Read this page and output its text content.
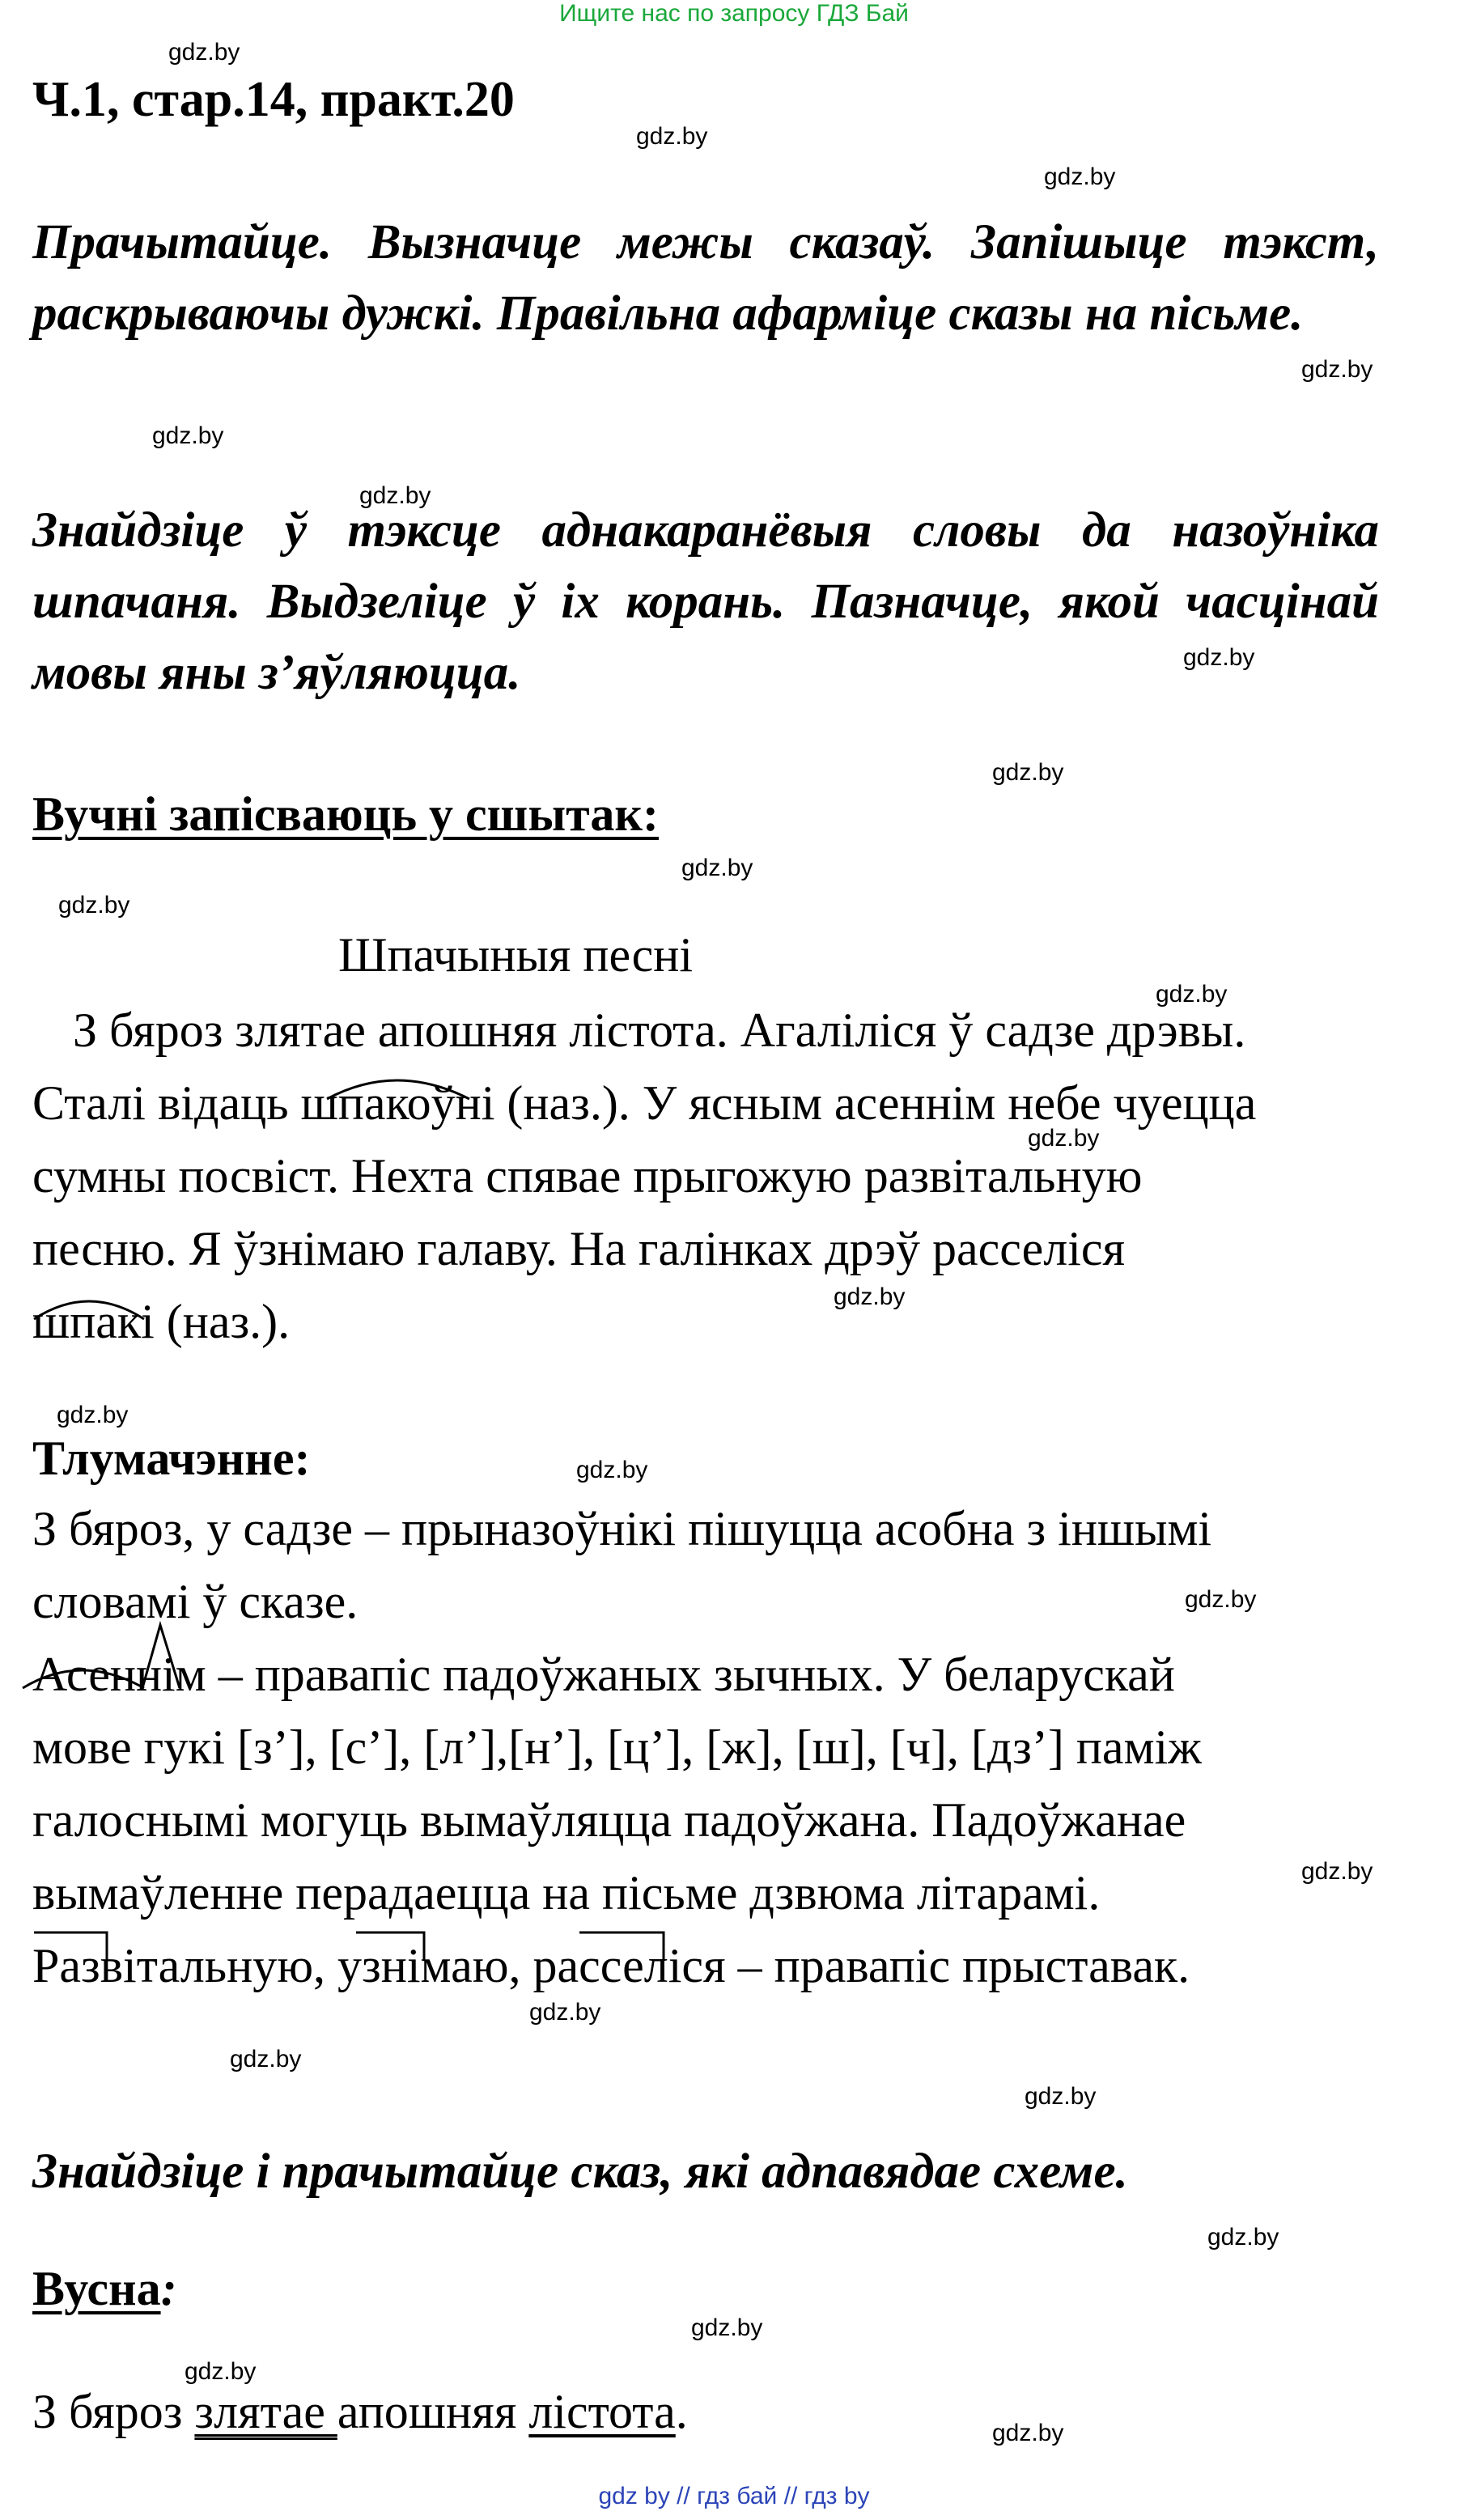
Ищите нас по запросу ГДЗ Бай
Ч.1, стар.14, практ.20
Прачытайце. Вызначце межы сказаў. Запішыце тэкст, раскрываючы дужкі. Правільна афарміце сказы на пісьме.
Знайдзіце ў тэксце аднакаранёвыя словы да назоўніка шпачаня. Выдзеліце ў іх корань. Пазначце, якой часцінай мовы яны з’яўляюцца.
Вучні запісваюць у сшытак:
Шпачыныя песні
З бяроз злятае апошняя лістота. Агаліліся ў садзе дрэвы.
Сталі відаць шпакоўні (наз.). У ясным асеннім небе чуецца
сумны посвіст. Нехта спявае прыгожую развітальную
песню. Я ўзнімаю галаву. На галінках дрэў расселіся
шпакі (наз.).
Тлумачэнне:
З бяроз, у садзе – прыназоўнікі пішуцца асобна з іншымі
словамі ў сказе.
Асеннім – правапіс падоўжаных зычных. У беларускай
мове гукі [з’], [с’], [л’],[н’], [ц’], [ж], [ш], [ч], [дз’] паміж
галоснымі могуць вымаўляцца падоўжана. Падоўжанае
вымаўленне перадаецца на пісьме дзвюма літарамі.
Развітальную, узнімаю, расселіся – правапіс прыставак.
Знайдзіце і прачытайце сказ, які адпавядае схеме.
Вусна:
З бяроз злятае апошняя лістота.
gdz.by
gdz.by
gdz.by
gdz.by
gdz.by
gdz.by
gdz.by
gdz.by
gdz.by
gdz.by
gdz.by
gdz.by
gdz.by
gdz.by
gdz.by
gdz.by
gdz.by
gdz.by
gdz.by
gdz.by
gdz.by
gdz.by
gdz.by
gdz.by
gdz by // гдз бай // гдз by
